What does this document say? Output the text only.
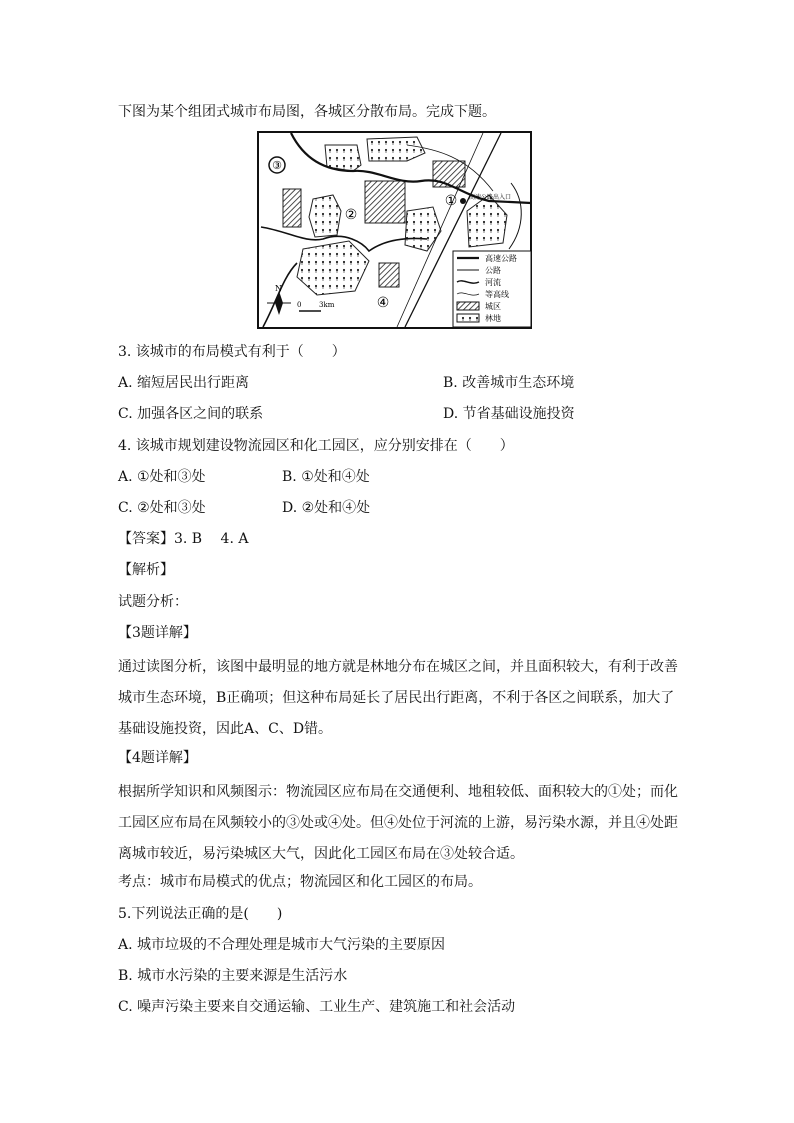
下图为某个组团式城市布局图，各城区分散布局。完成下题。
③
②
①
④
高速公路出入口
N
0	3km
高速公路
公路
河流
等高线
城区
林地
3. 该城市的布局模式有利于（　　）
A. 缩短居民出行距离	B. 改善城市生态环境
C. 加强各区之间的联系	D. 节省基础设施投资
4. 该城市规划建设物流园区和化工园区，应分别安排在（　　）
A. ①处和③处	B. ①处和④处
C. ②处和③处	D. ②处和④处
【答案】3. B　 4. A
【解析】
试题分析：
【3题详解】
通过读图分析，该图中最明显的地方就是林地分布在城区之间，并且面积较大，有利于改善城市生态环境，B正确项；但这种布局延长了居民出行距离，不利于各区之间联系，加大了基础设施投资，因此A、C、D错。
【4题详解】
根据所学知识和风频图示：物流园区应布局在交通便利、地租较低、面积较大的①处；而化工园区应布局在风频较小的③处或④处。但④处位于河流的上游，易污染水源，并且④处距离城市较近，易污染城区大气，因此化工园区布局在③处较合适。
考点：城市布局模式的优点；物流园区和化工园区的布局。
5.下列说法正确的是(　　)
A. 城市垃圾的不合理处理是城市大气污染的主要原因
B. 城市水污染的主要来源是生活污水
C. 噪声污染主要来自交通运输、工业生产、建筑施工和社会活动
